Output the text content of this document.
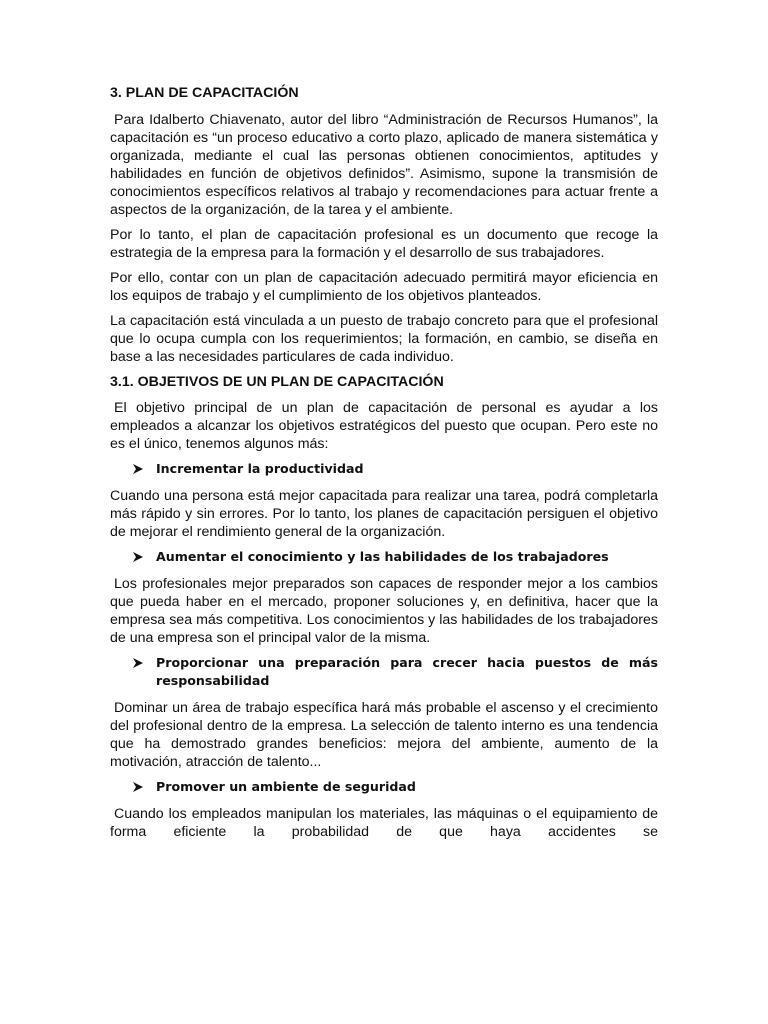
3. PLAN DE CAPACITACIÓN

Para Idalberto Chiavenato, autor del libro “Administración de Recursos Humanos”, la capacitación es “un proceso educativo a corto plazo, aplicado de manera sistemática y organizada, mediante el cual las personas obtienen conocimientos, aptitudes y habilidades en función de objetivos definidos”. Asimismo, supone la transmisión de conocimientos específicos relativos al trabajo y recomendaciones para actuar frente a aspectos de la organización, de la tarea y el ambiente.

Por lo tanto, el plan de capacitación profesional es un documento que recoge la estrategia de la empresa para la formación y el desarrollo de sus trabajadores.

Por ello, contar con un plan de capacitación adecuado permitirá mayor eficiencia en los equipos de trabajo y el cumplimiento de los objetivos planteados.

La capacitación está vinculada a un puesto de trabajo concreto para que el profesional que lo ocupa cumpla con los requerimientos; la formación, en cambio, se diseña en base a las necesidades particulares de cada individuo.

3.1. OBJETIVOS DE UN PLAN DE CAPACITACIÓN

El objetivo principal de un plan de capacitación de personal es ayudar a los empleados a alcanzar los objetivos estratégicos del puesto que ocupan. Pero este no es el único, tenemos algunos más:

Incrementar la productividad

Cuando una persona está mejor capacitada para realizar una tarea, podrá completarla más rápido y sin errores. Por lo tanto, los planes de capacitación persiguen el objetivo de mejorar el rendimiento general de la organización.

Aumentar el conocimiento y las habilidades de los trabajadores

Los profesionales mejor preparados son capaces de responder mejor a los cambios que pueda haber en el mercado, proponer soluciones y, en definitiva, hacer que la empresa sea más competitiva. Los conocimientos y las habilidades de los trabajadores de una empresa son el principal valor de la misma.

Proporcionar una preparación para crecer hacia puestos de más responsabilidad

Dominar un área de trabajo específica hará más probable el ascenso y el crecimiento del profesional dentro de la empresa. La selección de talento interno es una tendencia que ha demostrado grandes beneficios: mejora del ambiente, aumento de la motivación, atracción de talento...

Promover un ambiente de seguridad

Cuando los empleados manipulan los materiales, las máquinas o el equipamiento de forma eficiente la probabilidad de que haya accidentes se
